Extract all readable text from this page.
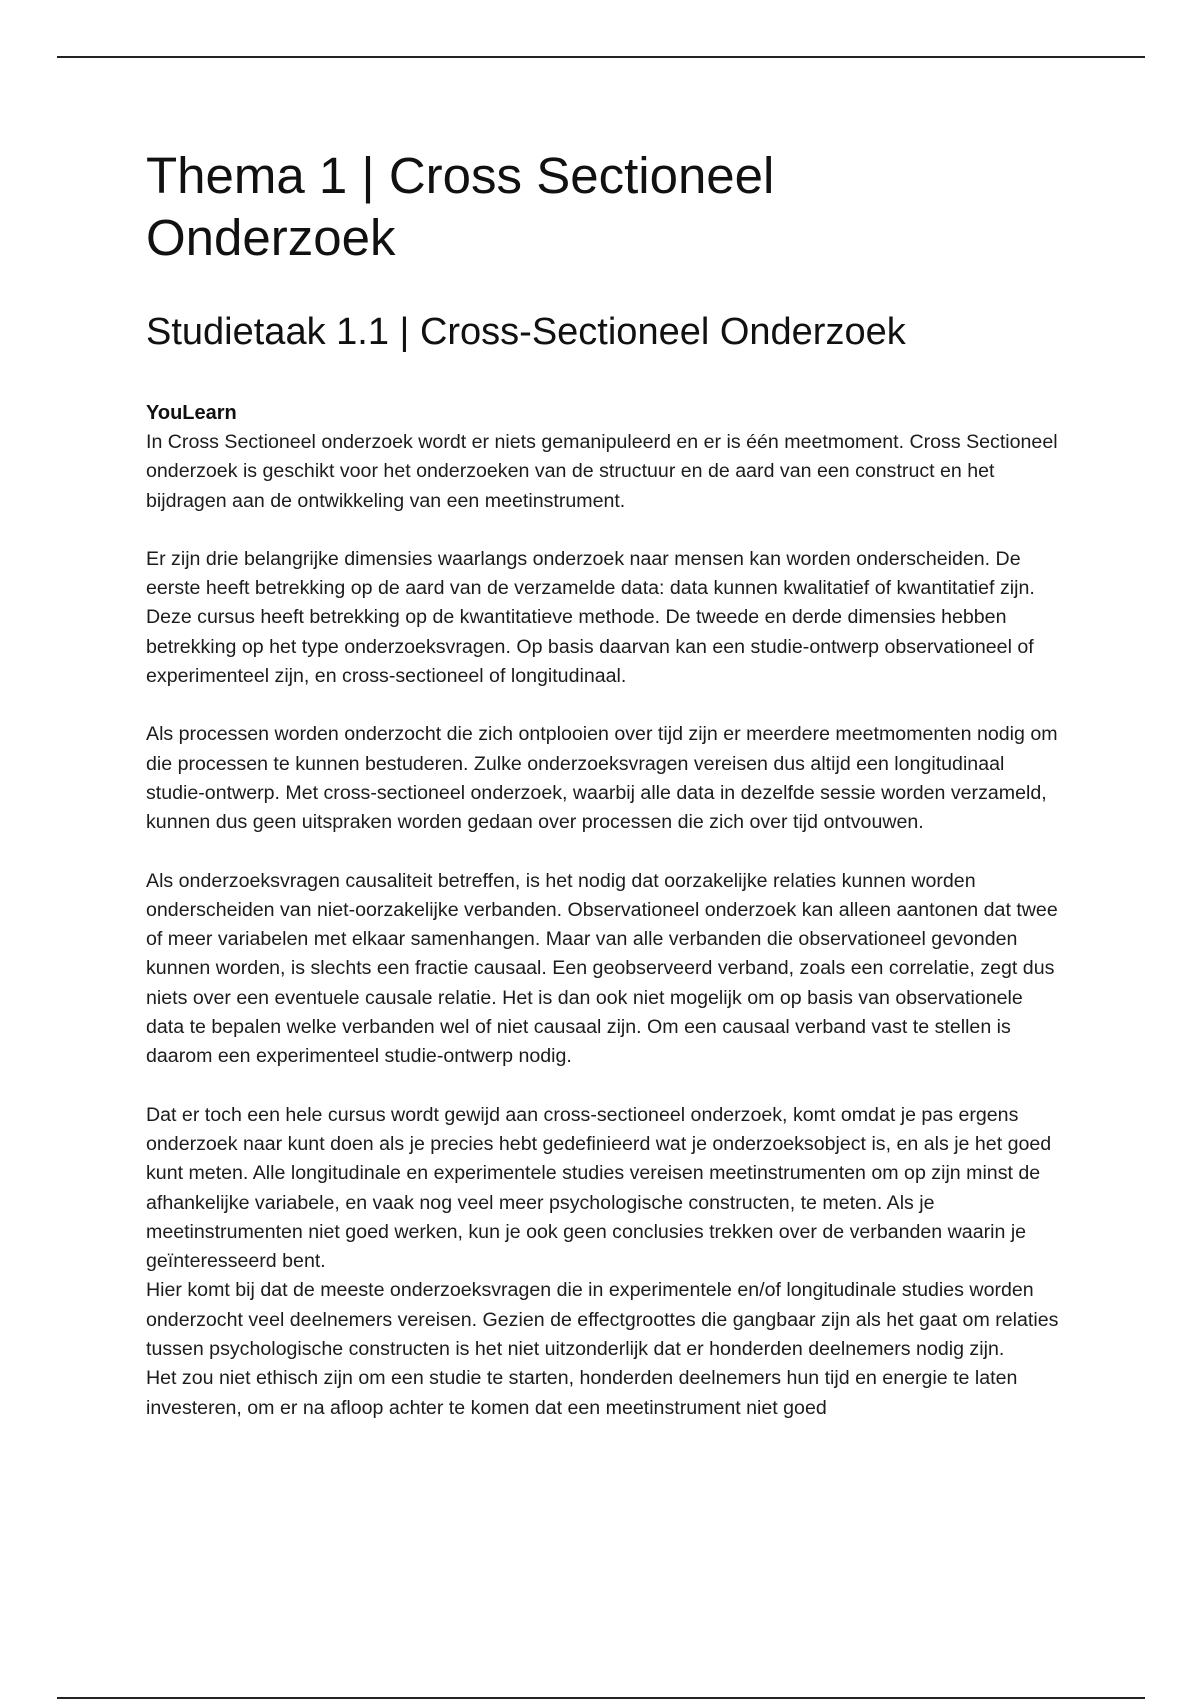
Thema 1 | Cross Sectioneel Onderzoek
Studietaak 1.1 | Cross-Sectioneel Onderzoek
YouLearn

In Cross Sectioneel onderzoek wordt er niets gemanipuleerd en er is één meetmoment. Cross Sectioneel onderzoek is geschikt voor het onderzoeken van de structuur en de aard van een construct en het bijdragen aan de ontwikkeling van een meetinstrument.

Er zijn drie belangrijke dimensies waarlangs onderzoek naar mensen kan worden onderscheiden. De eerste heeft betrekking op de aard van de verzamelde data: data kunnen kwalitatief of kwantitatief zijn. Deze cursus heeft betrekking op de kwantitatieve methode. De tweede en derde dimensies hebben betrekking op het type onderzoeksvragen. Op basis daarvan kan een studie-ontwerp observationeel of experimenteel zijn, en cross-sectioneel of longitudinaal.

Als processen worden onderzocht die zich ontplooien over tijd zijn er meerdere meetmomenten nodig om die processen te kunnen bestuderen. Zulke onderzoeksvragen vereisen dus altijd een longitudinaal studie-ontwerp. Met cross-sectioneel onderzoek, waarbij alle data in dezelfde sessie worden verzameld, kunnen dus geen uitspraken worden gedaan over processen die zich over tijd ontvouwen.

Als onderzoeksvragen causaliteit betreffen, is het nodig dat oorzakelijke relaties kunnen worden onderscheiden van niet-oorzakelijke verbanden. Observationeel onderzoek kan alleen aantonen dat twee of meer variabelen met elkaar samenhangen. Maar van alle verbanden die observationeel gevonden kunnen worden, is slechts een fractie causaal. Een geobserveerd verband, zoals een correlatie, zegt dus niets over een eventuele causale relatie. Het is dan ook niet mogelijk om op basis van observationele data te bepalen welke verbanden wel of niet causaal zijn. Om een causaal verband vast te stellen is daarom een experimenteel studie-ontwerp nodig.

Dat er toch een hele cursus wordt gewijd aan cross-sectioneel onderzoek, komt omdat je pas ergens onderzoek naar kunt doen als je precies hebt gedefinieerd wat je onderzoeksobject is, en als je het goed kunt meten. Alle longitudinale en experimentele studies vereisen meetinstrumenten om op zijn minst de afhankelijke variabele, en vaak nog veel meer psychologische constructen, te meten. Als je meetinstrumenten niet goed werken, kun je ook geen conclusies trekken over de verbanden waarin je geïnteresseerd bent.

Hier komt bij dat de meeste onderzoeksvragen die in experimentele en/of longitudinale studies worden onderzocht veel deelnemers vereisen. Gezien de effectgroottes die gangbaar zijn als het gaat om relaties tussen psychologische constructen is het niet uitzonderlijk dat er honderden deelnemers nodig zijn.

Het zou niet ethisch zijn om een studie te starten, honderden deelnemers hun tijd en energie te laten investeren, om er na afloop achter te komen dat een meetinstrument niet goed
